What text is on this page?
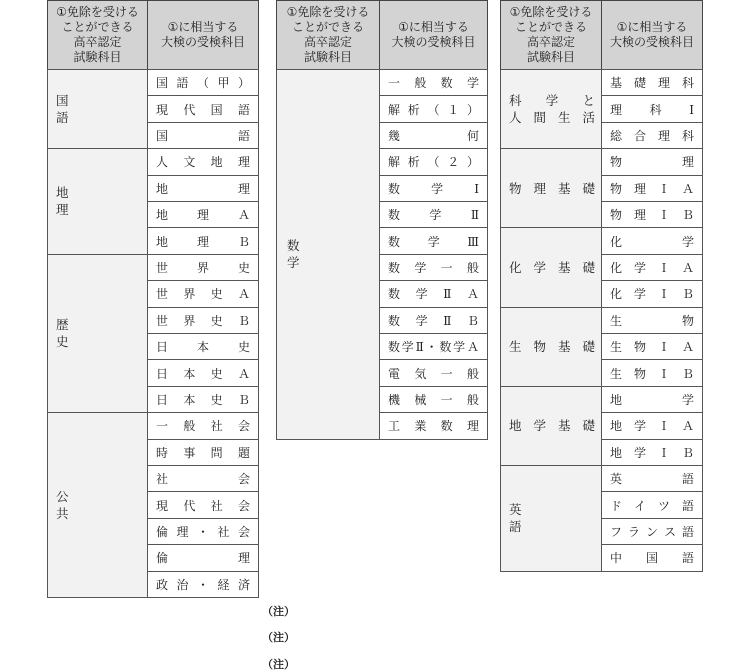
①免除を受ける
ことができる
高卒認定
試験科目
①に相当する
大検の受検科目
国　　　　　語
国 語 （ 甲 ）
現 代 国 語
国 語
地　　　　　理
人 文 地 理
地 理
地 理 Ａ
地 理 Ｂ
歴　　　　　史
世 界 史
世 界 史 Ａ
世 界 史 Ｂ
日 本 史
日 本 史 Ａ
日 本 史 Ｂ
公　　　　　共
一 般 社 会
時 事 問 題
社 会
現 代 社 会
倫 理 ・ 社 会
倫 理
政 治 ・ 経 済
①免除を受ける
ことができる
高卒認定
試験科目
①に相当する
大検の受検科目
数　　　　　学
一 般 数 学
解 析 （ １ ）
幾 何
解 析 （ ２ ）
数 学 Ⅰ
数 学 Ⅱ
数 学 Ⅲ
数 学 一 般
数 学 Ⅱ Ａ
数 学 Ⅱ Ｂ
数学Ⅱ・数学Ａ
電 気 一 般
機 械 一 般
工 業 数 理
①免除を受ける
ことができる
高卒認定
試験科目
①に相当する
大検の受検科目
科　学　と
人 間 生 活
基 礎 理 科
理 科 Ⅰ
総 合 理 科
物 理 基 礎
物 理
物 理 Ｉ Ａ
物 理 Ｉ Ｂ
化 学 基 礎
化 学
化 学 Ｉ Ａ
化 学 Ｉ Ｂ
生 物 基 礎
生 物
生 物 Ｉ Ａ
生 物 Ｉ Ｂ
地 学 基 礎
地 学
地 学 Ｉ Ａ
地 学 Ｉ Ｂ
英　　　　　語
英 語
ド イ ツ 語
フ ラ ン ス 語
中 国 語
（注）
（注）
（注）
